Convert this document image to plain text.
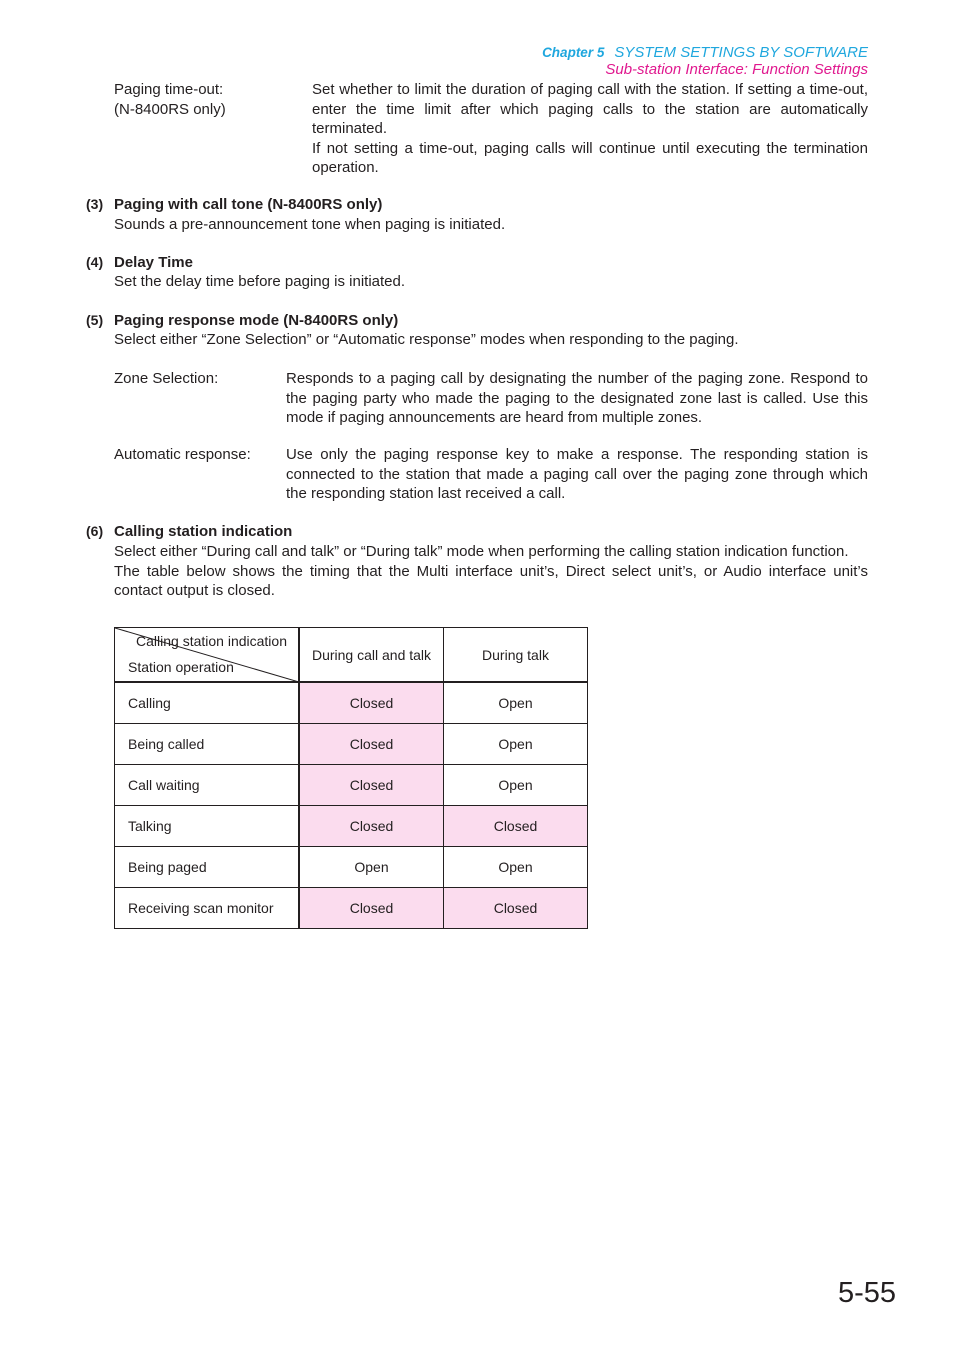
Chapter 5 SYSTEM SETTINGS BY SOFTWARE
Sub-station Interface: Function Settings
Paging time-out:
(N-8400RS only)
Set whether to limit the duration of paging call with the station. If setting a time-out, enter the time limit after which paging calls to the station are automatically terminated.
If not setting a time-out, paging calls will continue until executing the termination operation.
(3) Paging with call tone (N-8400RS only)
Sounds a pre-announcement tone when paging is initiated.
(4) Delay Time
Set the delay time before paging is initiated.
(5) Paging response mode (N-8400RS only)
Select either “Zone Selection” or “Automatic response” modes when responding to the paging.
Zone Selection:	Responds to a paging call by designating the number of the paging zone. Respond to the paging party who made the paging to the designated zone last is called. Use this mode if paging announcements are heard from multiple zones.
Automatic response: Use only the paging response key to make a response. The responding station is connected to the station that made a paging call over the paging zone through which the responding station last received a call.
(6) Calling station indication
Select either “During call and talk” or “During talk” mode when performing the calling station indication function.
The table below shows the timing that the Multi interface unit’s, Direct select unit’s, or Audio interface unit’s contact output is closed.
Calling station indication
Station operation	During call and talk	During talk
Calling	Closed	Open
Being called	Closed	Open
Call waiting	Closed	Open
Talking	Closed	Closed
Being paged	Open	Open
Receiving scan monitor	Closed	Closed
5-55
